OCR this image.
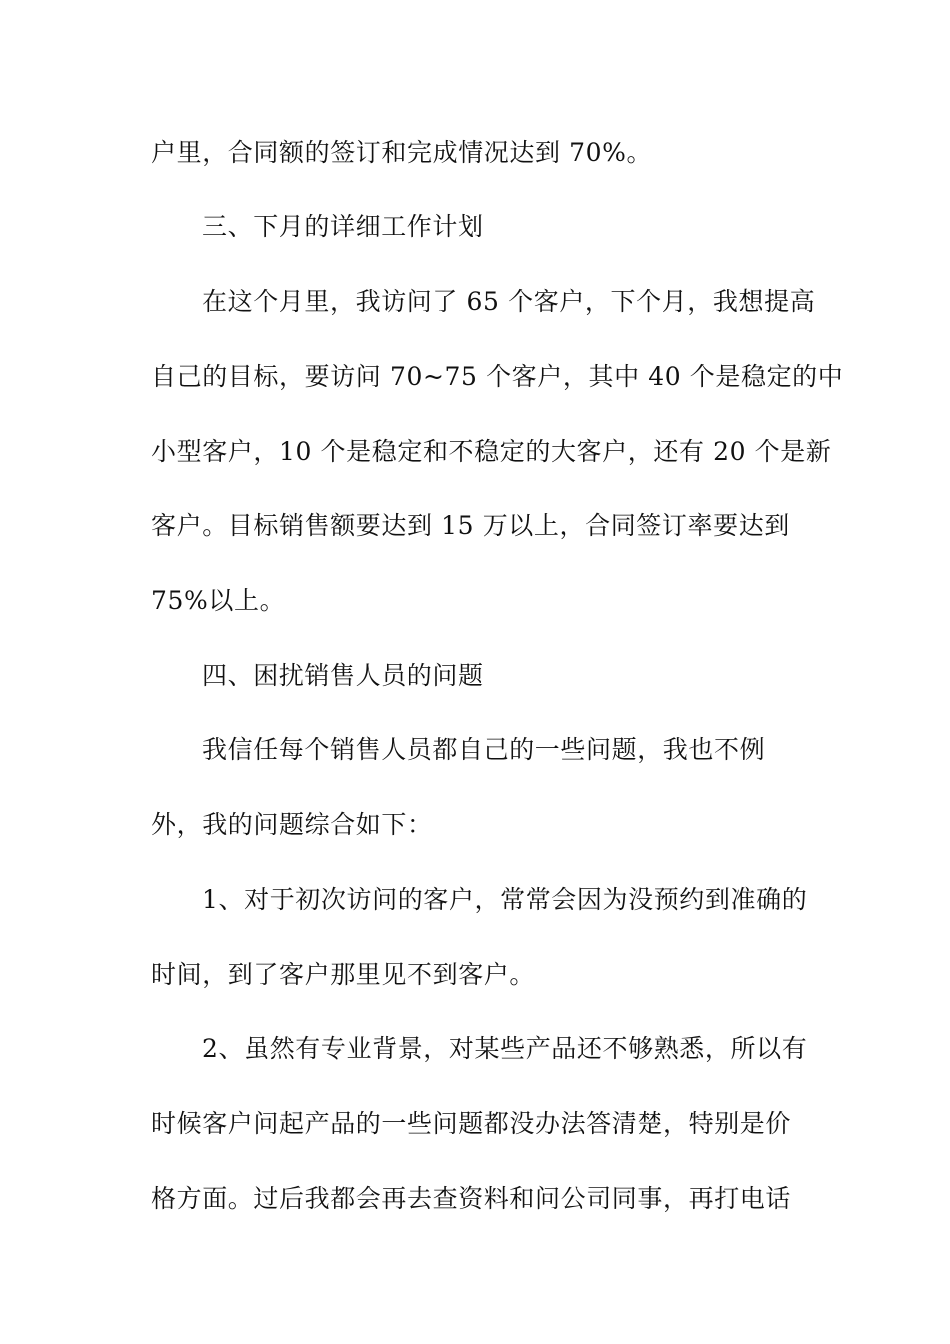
户里，合同额的签订和完成情况达到 70%。
三、下月的详细工作计划
在这个月里，我访问了 65 个客户，下个月，我想提高
自己的目标，要访问 70~75 个客户，其中 40 个是稳定的中
小型客户，10 个是稳定和不稳定的大客户，还有 20 个是新
客户。目标销售额要达到 15 万以上，合同签订率要达到
75%以上。
四、困扰销售人员的问题
我信任每个销售人员都自己的一些问题，我也不例
外，我的问题综合如下：
1、对于初次访问的客户，常常会因为没预约到准确的
时间，到了客户那里见不到客户。
2、虽然有专业背景，对某些产品还不够熟悉，所以有
时候客户问起产品的一些问题都没办法答清楚，特别是价
格方面。过后我都会再去查资料和问公司同事，再打电话
